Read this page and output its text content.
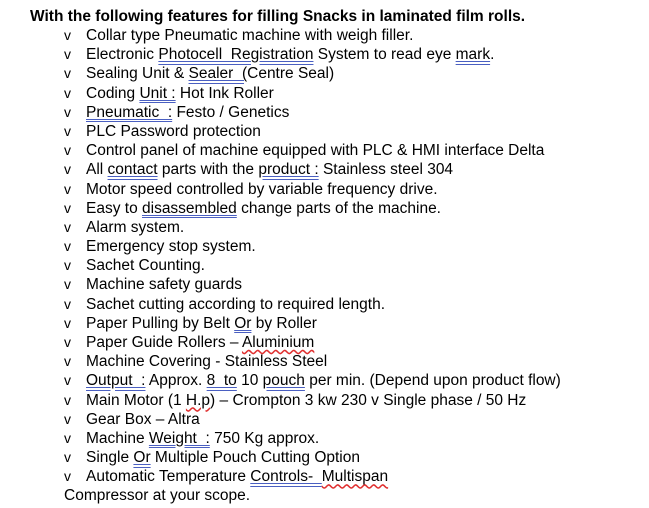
With the following features for filling Snacks in laminated film rolls.
v Collar type Pneumatic machine with weigh filler.
v Electronic Photocell  Registration System to read eye mark.
v Sealing Unit & Sealer  (Centre Seal)
v Coding Unit : Hot Ink Roller
v Pneumatic  : Festo / Genetics
v PLC Password protection
v Control panel of machine equipped with PLC & HMI interface Delta
v All contact parts with the product : Stainless steel 304
v Motor speed controlled by variable frequency drive.
v Easy to disassembled change parts of the machine.
v Alarm system.
v Emergency stop system.
v Sachet Counting.
v Machine safety guards
v Sachet cutting according to required length.
v Paper Pulling by Belt Or by Roller
v Paper Guide Rollers – Aluminium
v Machine Covering - Stainless Steel
v Output  : Approx. 8  to 10 pouch per min. (Depend upon product flow)
v Main Motor (1 H.p) – Crompton 3 kw 230 v Single phase / 50 Hz
v Gear Box – Altra
v Machine Weight  : 750 Kg approx.
v Single Or Multiple Pouch Cutting Option
v Automatic Temperature Controls-  Multispan
Compressor at your scope.
